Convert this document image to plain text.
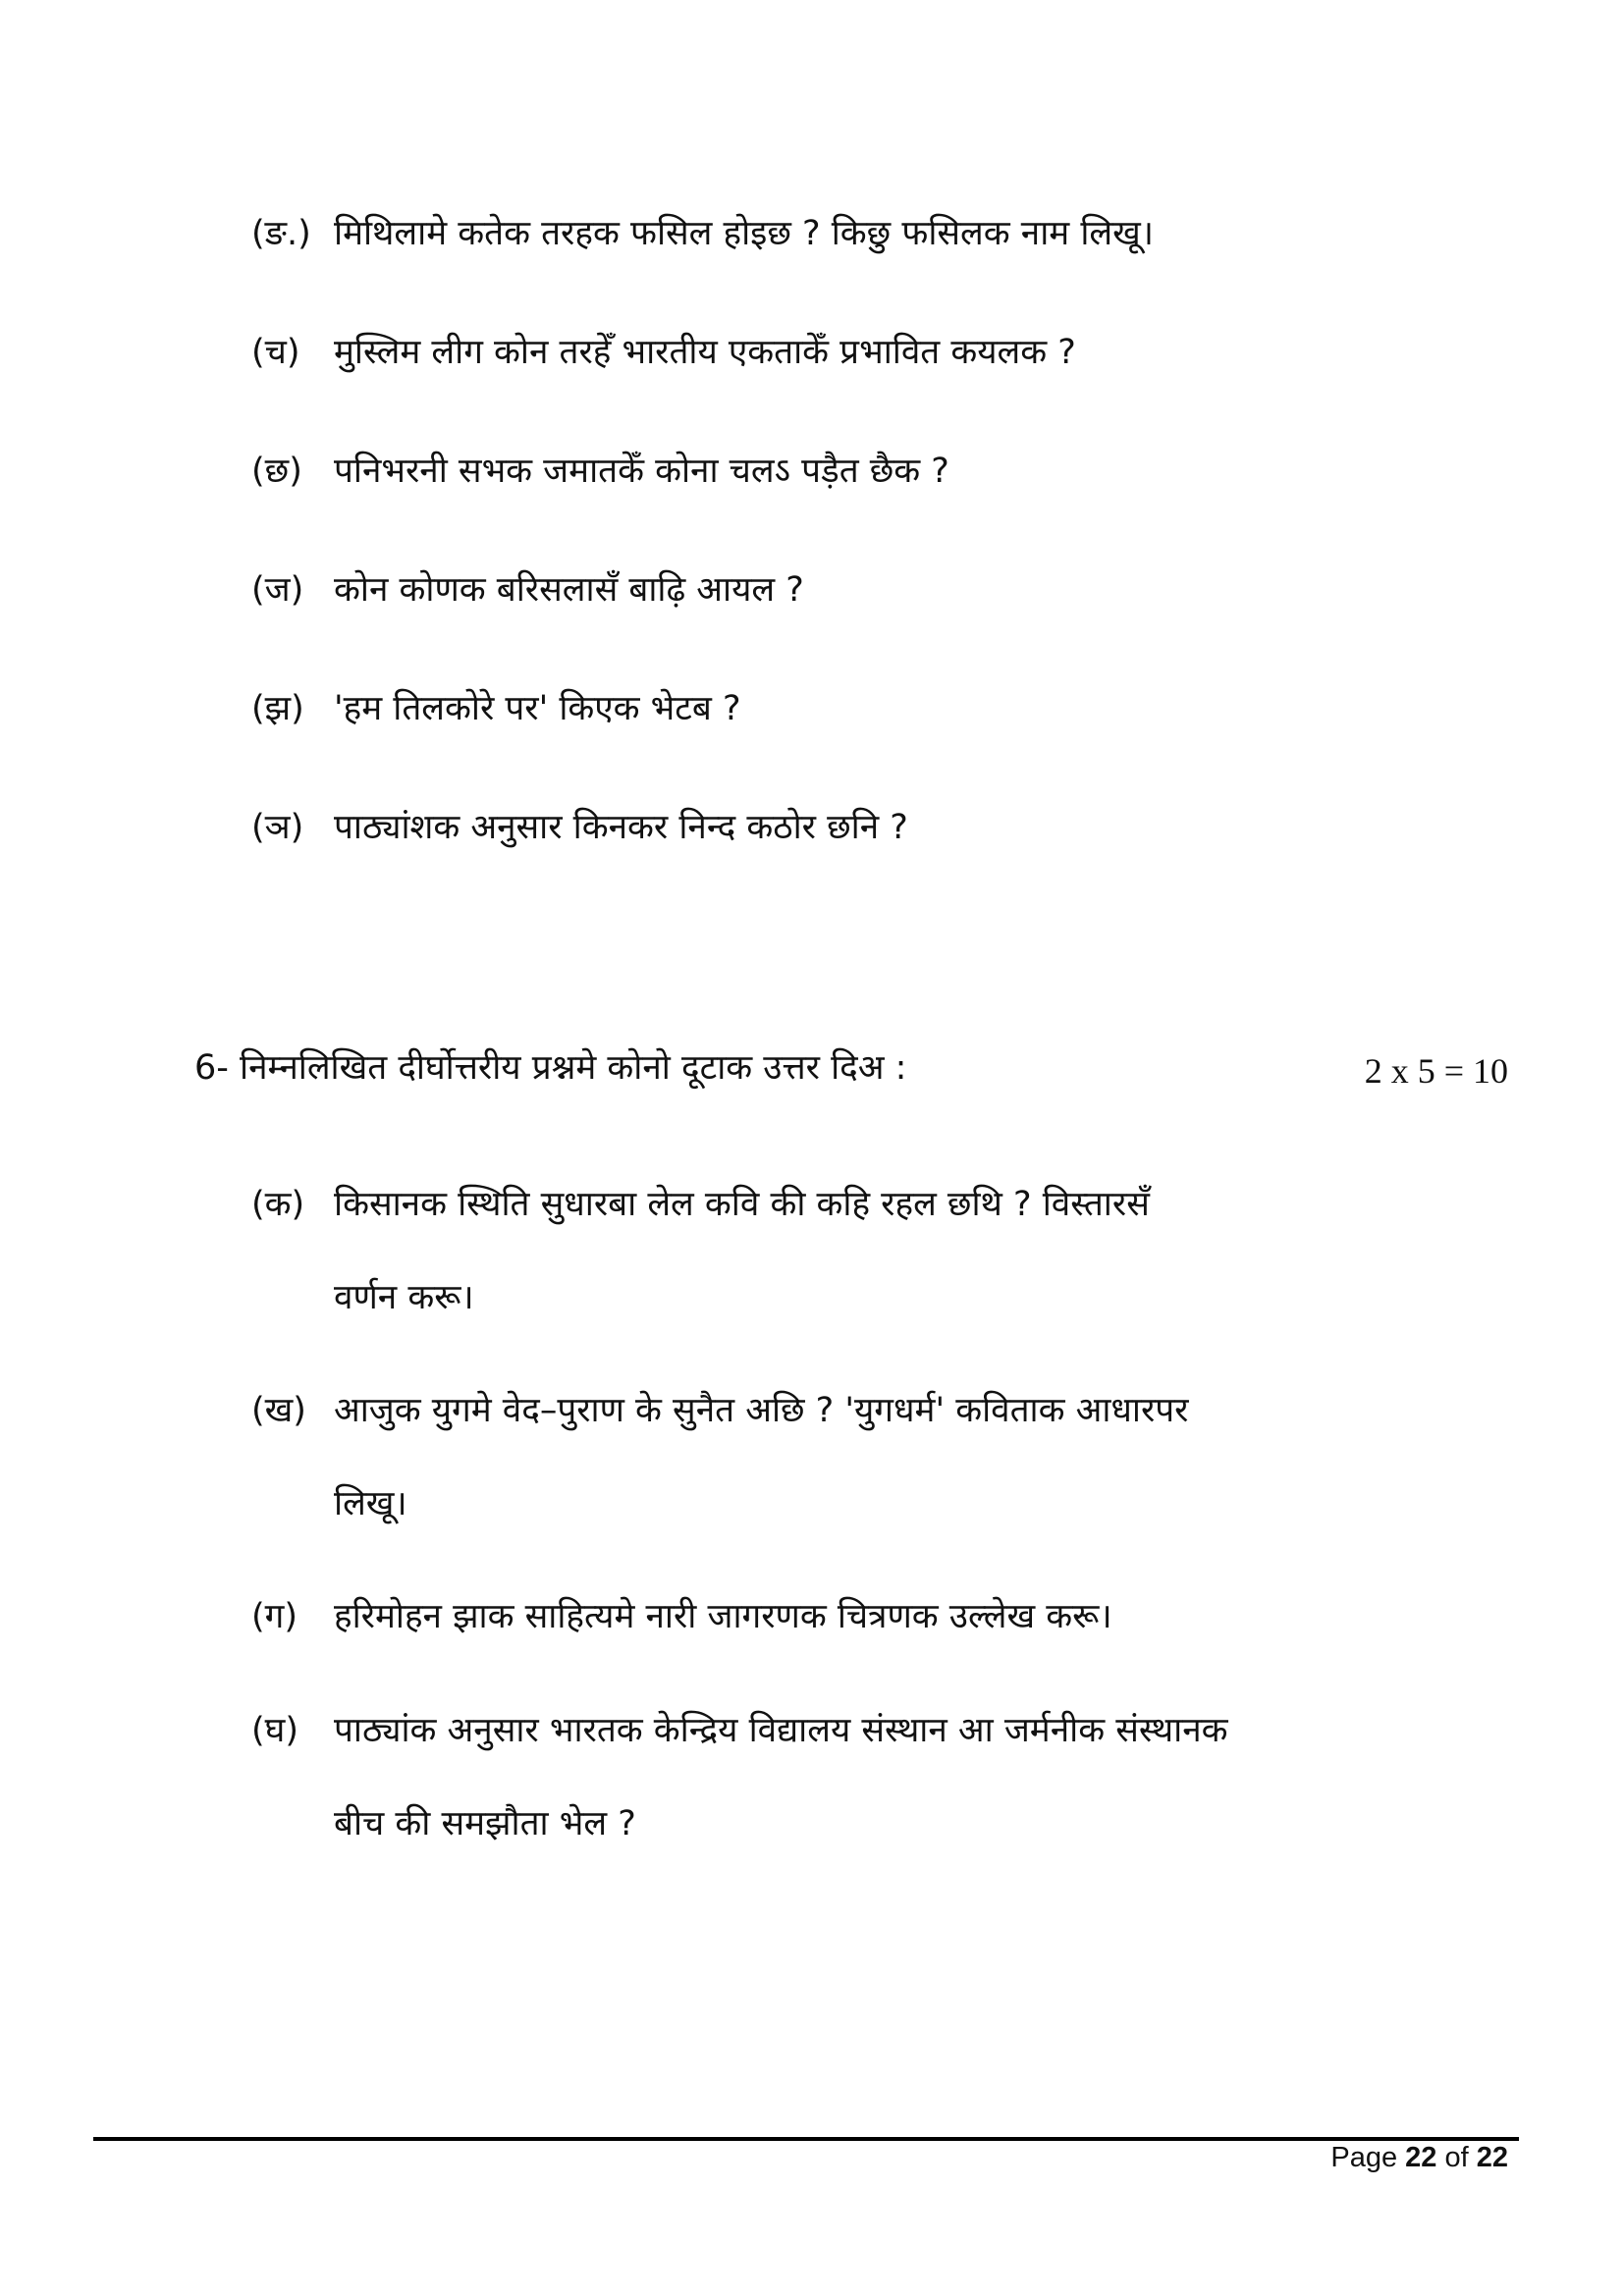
(ङ.) मिथिलामे कतेक तरहक फसिल होइछ ? किछु फसिलक नाम लिखू।
(च) मुस्लिम लीग कोन तरहेँ भारतीय एकताकेँ प्रभावित कयलक ?
(छ) पनिभरनी सभक जमातकेँ कोना चलऽ पड़ैत छैक ?
(ज) कोन कोणक बरिसलासँ बाढ़ि आयल ?
(झ) 'हम तिलकोरे पर' किएक भेटब ?
(ञ) पाठ्यांशक अनुसार किनकर निन्द कठोर छनि ?
6- निम्नलिखित दीर्घोत्तरीय प्रश्नमे कोनो दूटाक उत्तर दिअ :	2 x 5 = 10
(क) किसानक स्थिति सुधारबा लेल कवि की कहि रहल छथि ? विस्तारसँ
वर्णन करू।
(ख) आजुक युगमे वेद–पुराण के सुनैत अछि ? 'युगधर्म' कविताक आधारपर
लिखू।
(ग) हरिमोहन झाक साहित्यमे नारी जागरणक चित्रणक उल्लेख करू।
(घ) पाठ्यांक अनुसार भारतक केन्द्रिय विद्यालय संस्थान आ जर्मनीक संस्थानक
बीच की समझौता भेल ?
Page 22 of 22
